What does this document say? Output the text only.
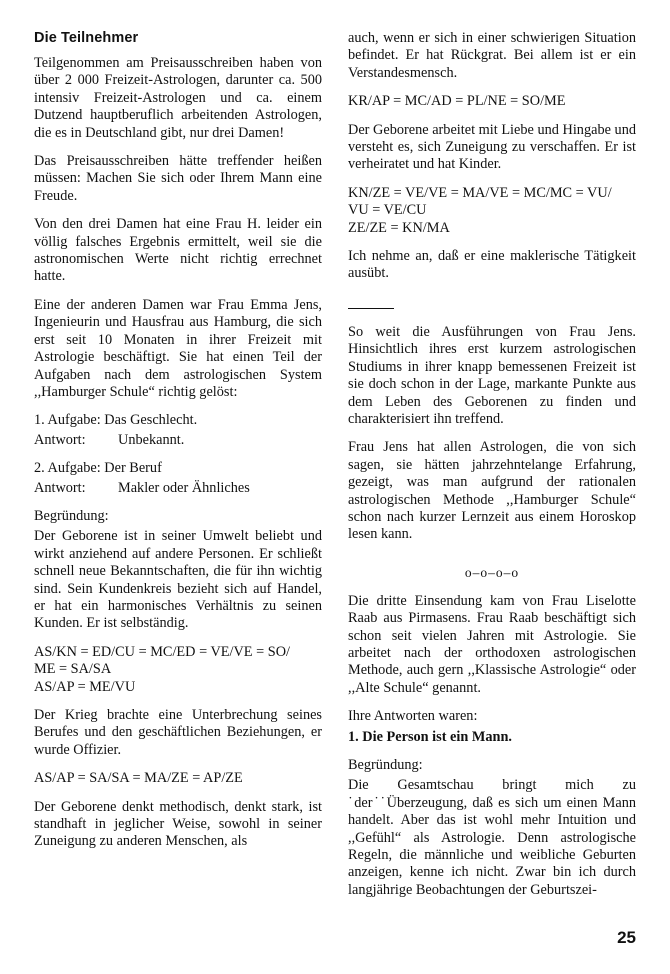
Die Teilnehmer

Teilgenommen am Preisausschreiben haben von über 2 000 Freizeit-Astrologen, darunter ca. 500 intensiv Freizeit-Astrologen und ca. einem Dutzend hauptberuflich arbeitenden Astrologen, die es in Deutschland gibt, nur drei Damen!

Das Preisausschreiben hätte treffender heißen müssen: Machen Sie sich oder Ihrem Mann eine Freude.

Von den drei Damen hat eine Frau H. leider ein völlig falsches Ergebnis ermittelt, weil sie die astronomischen Werte nicht richtig errechnet hatte.

Eine der anderen Damen war Frau Emma Jens, Ingenieurin und Hausfrau aus Hamburg, die sich erst seit 10 Monaten in ihrer Freizeit mit Astrologie beschäftigt. Sie hat einen Teil der Aufgaben nach dem astrologischen System ,,Hamburger Schule“ richtig gelöst:

1. Aufgabe: Das Geschlecht.
Antwort:	Unbekannt.
2. Aufgabe: Der Beruf
Antwort:	Makler oder Ähnliches

Begründung:

Der Geborene ist in seiner Umwelt beliebt und wirkt anziehend auf andere Personen. Er schließt schnell neue Bekanntschaften, die für ihn wichtig sind. Sein Kundenkreis bezieht sich auf Handel, er hat ein harmonisches Verhältnis zu seinen Kunden. Er ist selbständig.

AS/KN = ED/CU = MC/ED = VE/VE = SO/

ME = SA/SA

AS/AP = ME/VU

Der Krieg brachte eine Unterbrechung seines Berufes und den geschäftlichen Beziehungen, er wurde Offizier.

AS/AP = SA/SA = MA/ZE = AP/ZE

Der Geborene denkt methodisch, denkt stark, ist standhaft in jeglicher Weise, sowohl in seiner Zuneigung zu anderen Menschen, als

auch, wenn er sich in einer schwierigen Situation befindet. Er hat Rückgrat. Bei allem ist er ein Verstandesmensch.

KR/AP = MC/AD = PL/NE = SO/ME

Der Geborene arbeitet mit Liebe und Hingabe und versteht es, sich Zuneigung zu verschaffen. Er ist verheiratet und hat Kinder.

KN/ZE = VE/VE = MA/VE = MC/MC = VU/

VU = VE/CU

ZE/ZE = KN/MA

Ich nehme an, daß er eine maklerische Tätigkeit ausübt.

So weit die Ausführungen von Frau Jens. Hinsichtlich ihres erst kurzem astrologischen Studiums in ihrer knapp bemessenen Freizeit ist sie doch schon in der Lage, markante Punkte aus dem Leben des Geborenen zu finden und charakterisiert ihn treffend.

Frau Jens hat allen Astrologen, die von sich sagen, sie hätten jahrzehntelange Erfahrung, gezeigt, was man aufgrund der rationalen astrologischen Methode ,,Hamburger Schule“ schon nach kurzer Lernzeit aus einem Horoskop lesen kann.

o–o–o–o

Die dritte Einsendung kam von Frau Liselotte Raab aus Pirmasens. Frau Raab beschäftigt sich schon seit vielen Jahren mit Astrologie. Sie arbeitet nach der orthodoxen astrologischen Methode, auch gern ,,Klassische Astrologie“ oder ,,Alte Schule“ genannt.

Ihre Antworten waren:

1. Die Person ist ein Mann.

Begründung:

Die Gesamtschau bringt mich zu ˙der˙˙Überzeugung, daß es sich um einen Mann handelt. Aber das ist wohl mehr Intuition und ,,Gefühl“ als Astrologie. Denn astrologische Regeln, die männliche und weibliche Geburten anzeigen, kenne ich nicht. Zwar bin ich durch langjährige Beobachtungen der Geburtszei-

25
